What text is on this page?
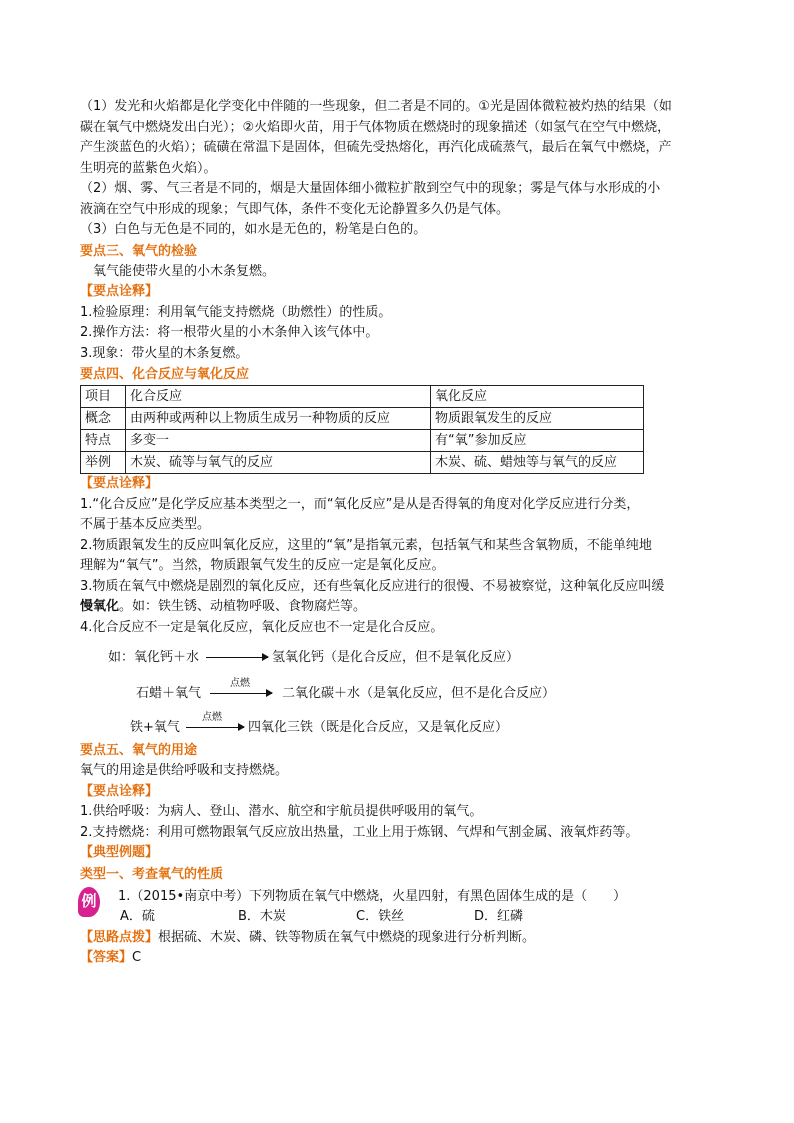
（1）发光和火焰都是化学变化中伴随的一些现象，但二者是不同的。①光是固体微粒被灼热的结果（如

碳在氧气中燃烧发出白光）；②火焰即火苗，用于气体物质在燃烧时的现象描述（如氢气在空气中燃烧，

产生淡蓝色的火焰）；硫磺在常温下是固体，但硫先受热熔化，再汽化成硫蒸气，最后在氧气中燃烧，产

生明亮的蓝紫色火焰）。

（2）烟、雾、气三者是不同的，烟是大量固体细小微粒扩散到空气中的现象；雾是气体与水形成的小

液滴在空气中形成的现象；气即气体，条件不变化无论静置多久仍是气体。

（3）白色与无色是不同的，如水是无色的，粉笔是白色的。

要点三、氧气的检验

氧气能使带火星的小木条复燃。

【要点诠释】

1.检验原理：利用氧气能支持燃烧（助燃性）的性质。

2.操作方法：将一根带火星的小木条伸入该气体中。

3.现象：带火星的木条复燃。

要点四、化合反应与氧化反应

项目	化合反应	氧化反应
概念	由两种或两种以上物质生成另一种物质的反应	物质跟氧发生的反应
特点	多变一	有“氧”参加反应
举例	木炭、硫等与氧气的反应	木炭、硫、蜡烛等与氧气的反应

【要点诠释】

1.“化合反应”是化学反应基本类型之一，而“氧化反应”是从是否得氧的角度对化学反应进行分类，

不属于基本反应类型。

2.物质跟氧发生的反应叫氧化反应，这里的“氧”是指氧元素，包括氧气和某些含氧物质，不能单纯地

理解为“氧气”。当然，物质跟氧气发生的反应一定是氧化反应。

3.物质在氧气中燃烧是剧烈的氧化反应，还有些氧化反应进行的很慢、不易被察觉，这种氧化反应叫缓

慢氧化。如：铁生锈、动植物呼吸、食物腐烂等。

4.化合反应不一定是氧化反应，氧化反应也不一定是化合反应。

如：氧化钙＋水	氢氧化钙（是化合反应，但不是氧化反应）
石蜡＋氧气
点燃
二氧化碳＋水（是氧化反应，但不是化合反应）
铁+氧气
点燃
四氧化三铁（既是化合反应，又是氧化反应）

要点五、氧气的用途

氧气的用途是供给呼吸和支持燃烧。

【要点诠释】

1.供给呼吸：为病人、登山、潜水、航空和宇航员提供呼吸用的氧气。

2.支持燃烧：利用可燃物跟氧气反应放出热量，工业上用于炼钢、气焊和气割金属、液氧炸药等。

【典型例题】

类型一、考查氧气的性质

例 1.（2015•南京中考）下列物质在氧气中燃烧，火星四射，有黑色固体生成的是（　　）

A．硫	B．木炭	C．铁丝	D．红磷

【思路点拨】根据硫、木炭、磷、铁等物质在氧气中燃烧的现象进行分析判断。

【答案】C
